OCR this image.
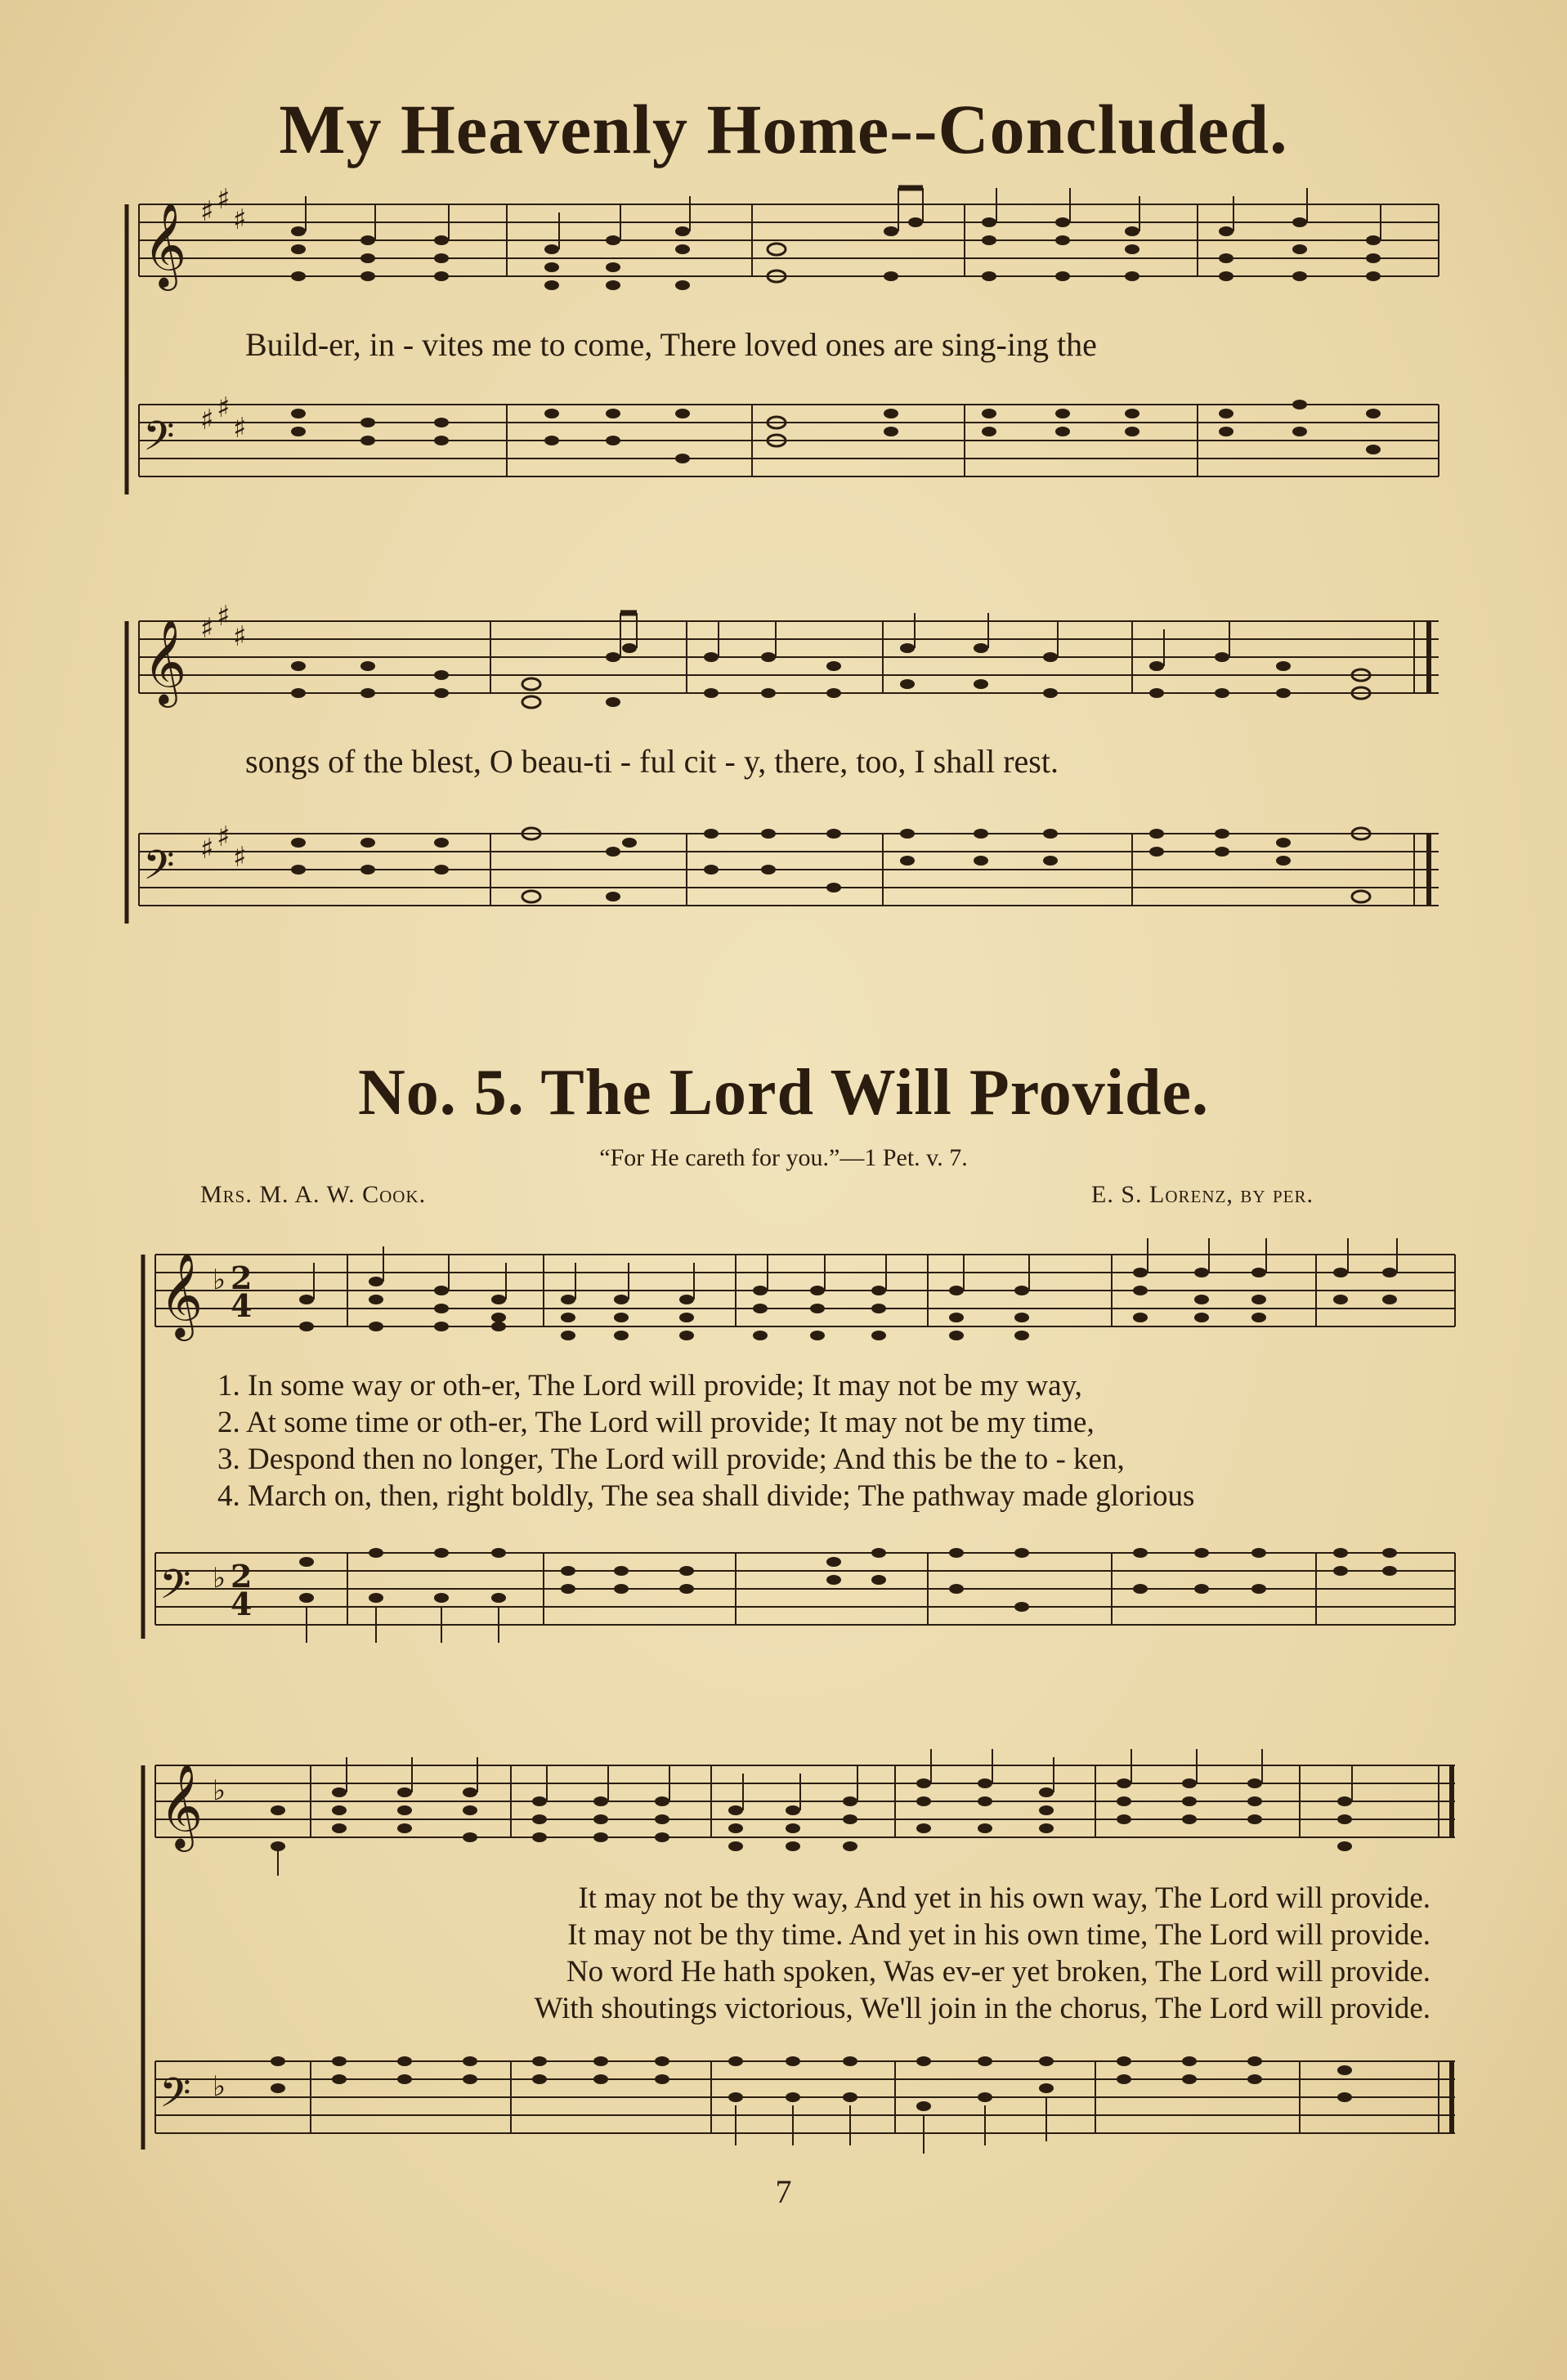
My Heavenly Home--Concluded.
𝄞
𝄢
♯ ♯
♯
♯ ♯
♯
Build-er, in - vites me to come, There loved ones are sing-ing the
𝄞
𝄢
♯ ♯
♯
♯ ♯
♯
songs of the blest, O beau-ti - ful cit - y, there, too, I shall rest.
No. 5. The Lord Will Provide.
“For He careth for you.”—1 Pet. v. 7.
Mrs. M. A. W. Cook.	E. S. Lorenz, by per.
𝄞
𝄢
♭
♭
2
4
2
4
1. In some way or oth-er, The Lord will provide; It may not be my way,
2. At some time or oth-er, The Lord will provide; It may not be my time,
3. Despond then no longer, The Lord will provide; And this be the to - ken,
4. March on, then, right boldly, The sea shall divide; The pathway made glorious
𝄞
𝄢
♭
♭
It may not be thy way, And yet in his own way, The Lord will provide.
It may not be thy time. And yet in his own time, The Lord will provide.
No word He hath spoken, Was ev-er yet broken, The Lord will provide.
With shoutings victorious, We'll join in the chorus, The Lord will provide.
7
